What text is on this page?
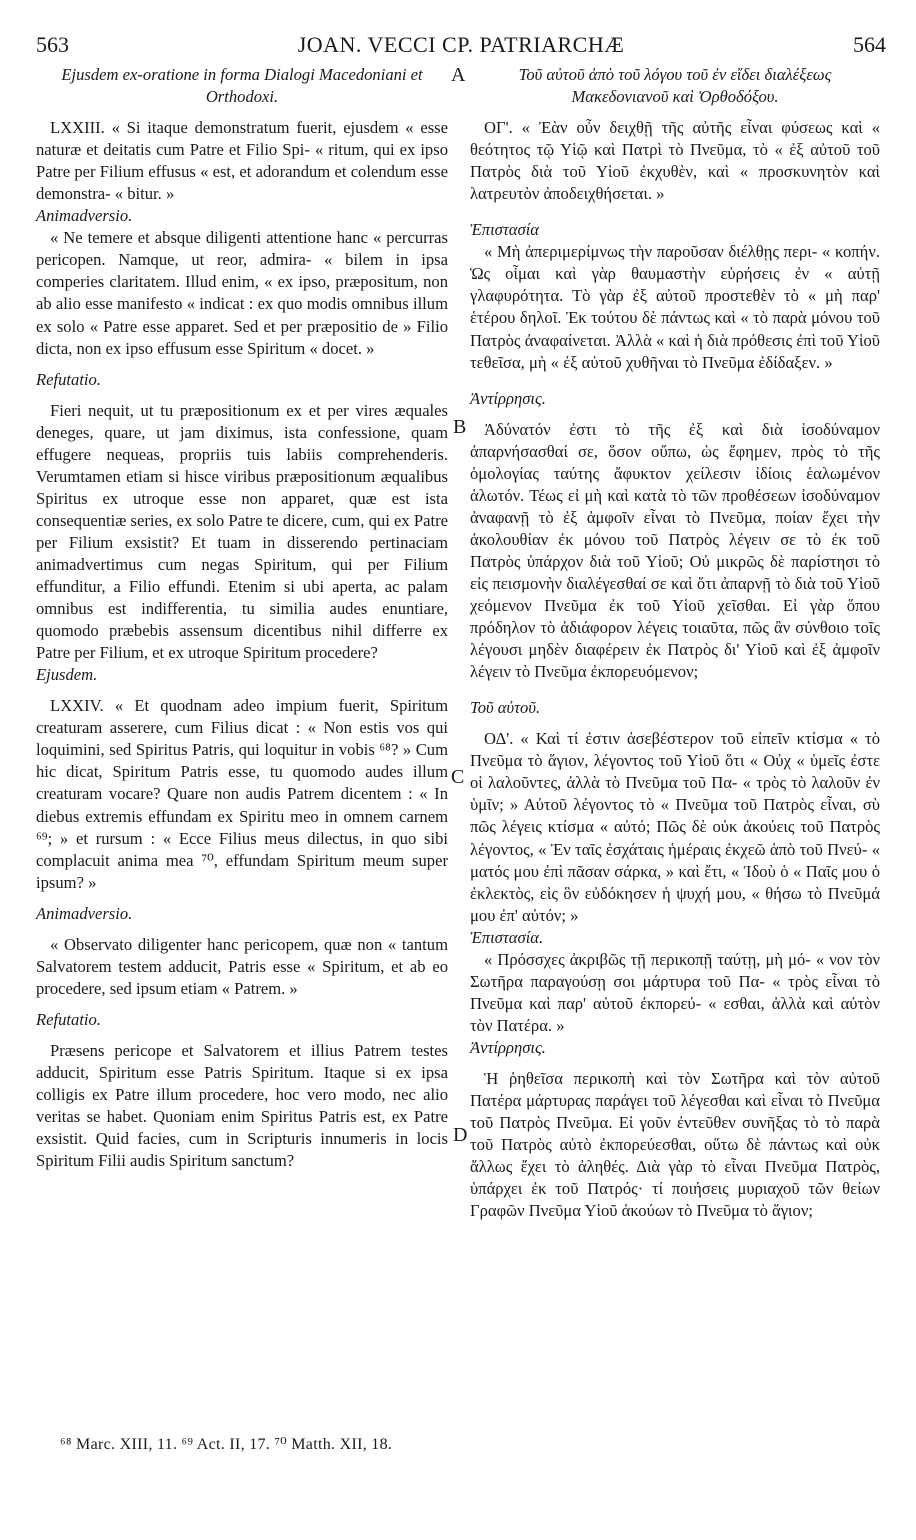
563	JOAN. VECCI CP. PATRIARCHÆ	564

Ejusdem ex-oratione in forma Dialogi Macedoniani et Orthodoxi.

LXXIII. « Si itaque demonstratum fuerit, ejusdem « esse naturæ et deitatis cum Patre et Filio Spi- « ritum, qui ex ipso Patre per Filium effusus « est, et adorandum et colendum esse demonstra- « bitur. »

Animadversio.

« Ne temere et absque diligenti attentione hanc « percurras pericopen. Namque, ut reor, admira- « bilem in ipsa comperies claritatem. Illud enim, « ex ipso, præpositum, non ab alio esse manifesto « indicat : ex quo modis omnibus illum ex solo « Patre esse apparet. Sed et per præpositio de » Filio dicta, non ex ipso effusum esse Spiritum « docet. »

Refutatio.

Fieri nequit, ut tu præpositionum ex et per vires æquales deneges, quare, ut jam diximus, ista confessione, quam effugere nequeas, propriis tuis labiis comprehenderis. Verumtamen etiam si hisce viribus præpositionum æqualibus Spiritus ex utroque esse non apparet, quæ est ista consequentiæ series, ex solo Patre te dicere, cum, qui ex Patre per Filium exsistit? Et tuam in disserendo pertinaciam animadvertimus cum negas Spiritum, qui per Filium effunditur, a Filio effundi. Etenim si ubi aperta, ac palam omnibus est indifferentia, tu similia audes enuntiare, quomodo præbebis assensum dicentibus nihil differre ex Patre per Filium, et ex utroque Spiritum procedere?

Ejusdem.

LXXIV. « Et quodnam adeo impium fuerit, Spiritum creaturam asserere, cum Filius dicat : « Non estis vos qui loquimini, sed Spiritus Patris, qui loquitur in vobis ⁶⁸? » Cum hic dicat, Spiritum Patris esse, tu quomodo audes illum creaturam vocare? Quare non audis Patrem dicentem : « In diebus extremis effundam ex Spiritu meo in omnem carnem ⁶⁹; » et rursum : « Ecce Filius meus dilectus, in quo sibi complacuit anima mea ⁷⁰, effundam Spiritum meum super ipsum? »

Animadversio.

« Observato diligenter hanc pericopem, quæ non « tantum Salvatorem testem adducit, Patris esse « Spiritum, et ab eo procedere, sed ipsum etiam « Patrem. »

Refutatio.

Præsens pericope et Salvatorem et illius Patrem testes adducit, Spiritum esse Patris Spiritum. Itaque si ex ipsa colligis ex Patre illum procedere, hoc vero modo, nec alio veritas se habet. Quoniam enim Spiritus Patris est, ex Patre exsistit. Quid facies, cum in Scripturis innumeris in locis Spiritum Filii audis Spiritum sanctum?

Τοῦ αὐτοῦ ἀπὸ τοῦ λόγου τοῦ ἐν εἴδει διαλέξεως Μακεδονιανοῦ καὶ Ὀρθοδόξου.

ΟΓ'. « Ἐὰν οὖν δειχθῇ τῆς αὐτῆς εἶναι φύσεως καὶ « θεότητος τῷ Υἱῷ καὶ Πατρὶ τὸ Πνεῦμα, τὸ « ἐξ αὐτοῦ τοῦ Πατρὸς διὰ τοῦ Υἱοῦ ἐκχυθὲν, καὶ « προσκυνητὸν καὶ λατρευτὸν ἀποδειχθήσεται. »

Ἐπιστασία

« Μὴ ἀπεριμερίμνως τὴν παροῦσαν διέλθῃς περι- « κοπήν. Ὡς οἶμαι καὶ γὰρ θαυμαστὴν εὑρήσεις ἐν « αὐτῇ γλαφυρότητα. Τὸ γὰρ ἐξ αὐτοῦ προστεθὲν τὸ « μὴ παρ' ἑτέρου δηλοῖ. Ἐκ τούτου δὲ πάντως καὶ « τὸ παρὰ μόνου τοῦ Πατρὸς ἀναφαίνεται. Ἀλλὰ « καὶ ἡ διὰ πρόθεσις ἐπὶ τοῦ Υἱοῦ τεθεῖσα, μὴ « ἐξ αὐτοῦ χυθῆναι τὸ Πνεῦμα ἐδίδαξεν. »

Ἀντίρρησις.

Ἀδύνατόν ἐστι τὸ τῆς ἐξ καὶ διὰ ἰσοδύναμον ἀπαρνήσασθαί σε, ὅσον οὔπω, ὡς ἔφημεν, πρὸς τὸ τῆς ὁμολογίας ταύτης ἄφυκτον χείλεσιν ἰδίοις ἑαλωμένον ἁλωτόν. Τέως εἰ μὴ καὶ κατὰ τὸ τῶν προθέσεων ἰσοδύναμον ἀναφανῇ τὸ ἐξ ἀμφοῖν εἶναι τὸ Πνεῦμα, ποίαν ἔχει τὴν ἀκολουθίαν ἐκ μόνου τοῦ Πατρὸς λέγειν σε τὸ ἐκ τοῦ Πατρὸς ὑπάρχον διὰ τοῦ Υἱοῦ; Οὐ μικρῶς δὲ παρίστησι τὸ εἰς πεισμονὴν διαλέγεσθαί σε καὶ ὅτι ἀπαρνῇ τὸ διὰ τοῦ Υἱοῦ χεόμενον Πνεῦμα ἐκ τοῦ Υἱοῦ χεῖσθαι. Εἰ γὰρ ὅπου πρόδηλον τὸ ἀδιάφορον λέγεις τοιαῦτα, πῶς ἂν σύνθοιο τοῖς λέγουσι μηδὲν διαφέρειν ἐκ Πατρὸς δι' Υἱοῦ καὶ ἐξ ἀμφοῖν λέγειν τὸ Πνεῦμα ἐκπορευόμενον;

Τοῦ αὐτοῦ.

ΟΔ'. « Καὶ τί ἐστιν ἀσεβέστερον τοῦ εἰπεῖν κτίσμα « τὸ Πνεῦμα τὸ ἅγιον, λέγοντος τοῦ Υἱοῦ ὅτι « Οὐχ « ὑμεῖς ἐστε οἱ λαλοῦντες, ἀλλὰ τὸ Πνεῦμα τοῦ Πα- « τρὸς τὸ λαλοῦν ἐν ὑμῖν; » Αὐτοῦ λέγοντος τὸ « Πνεῦμα τοῦ Πατρὸς εἶναι, σὺ πῶς λέγεις κτίσμα « αὐτό; Πῶς δὲ οὐκ ἀκούεις τοῦ Πατρὸς λέγοντος, « Ἐν ταῖς ἐσχάταις ἡμέραις ἐκχεῶ ἀπὸ τοῦ Πνεύ- « ματός μου ἐπὶ πᾶσαν σάρκα, » καὶ ἔτι, « Ἰδοὺ ὁ « Παῖς μου ὁ ἐκλεκτὸς, εἰς ὃν εὐδόκησεν ἡ ψυχή μου, « θήσω τὸ Πνεῦμά μου ἐπ' αὐτόν; »

Ἐπιστασία.

« Πρόσσχες ἀκριβῶς τῇ περικοπῇ ταύτῃ, μὴ μό- « νον τὸν Σωτῆρα παραγούσῃ σοι μάρτυρα τοῦ Πα- « τρὸς εἶναι τὸ Πνεῦμα καὶ παρ' αὐτοῦ ἐκπορεύ- « εσθαι, ἀλλὰ καὶ αὐτὸν τὸν Πατέρα. »

Ἀντίρρησις.

Ἡ ῥηθεῖσα περικοπὴ καὶ τὸν Σωτῆρα καὶ τὸν αὐτοῦ Πατέρα μάρτυρας παράγει τοῦ λέγεσθαι καὶ εἶναι τὸ Πνεῦμα τοῦ Πατρὸς Πνεῦμα. Εἰ γοῦν ἐντεῦθεν συνῆξας τὸ τὸ παρὰ τοῦ Πατρὸς αὐτὸ ἐκπορεύεσθαι, οὕτω δὲ πάντως καὶ οὐκ ἄλλως ἔχει τὸ ἀληθές. Διὰ γὰρ τὸ εἶναι Πνεῦμα Πατρὸς, ὑπάρχει ἐκ τοῦ Πατρός· τί ποιήσεις μυριαχοῦ τῶν θείων Γραφῶν Πνεῦμα Υἱοῦ ἀκούων τὸ Πνεῦμα τὸ ἅγιον;

A
B
C
D
⁶⁸ Marc. XIII, 11. ⁶⁹ Act. II, 17. ⁷⁰ Matth. XII, 18.
